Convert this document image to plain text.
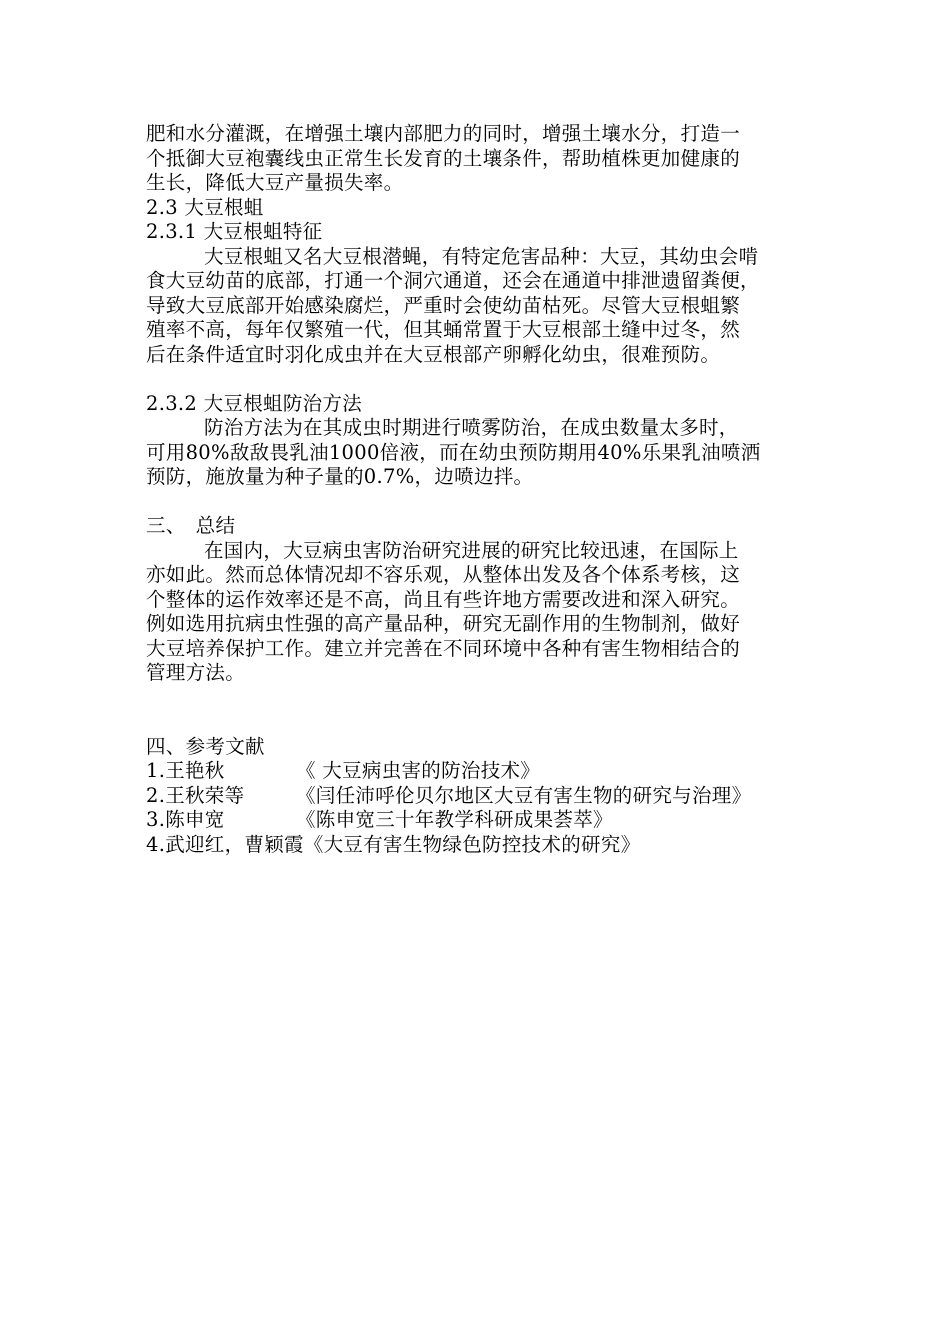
肥和水分灌溉，在增强土壤内部肥力的同时，增强土壤水分，打造一
个抵御大豆袍囊线虫正常生长发育的土壤条件，帮助植株更加健康的
生长，降低大豆产量损失率。
2.3 大豆根蛆
2.3.1 大豆根蛆特征
大豆根蛆又名大豆根潜蝇，有特定危害品种：大豆，其幼虫会啃
食大豆幼苗的底部，打通一个洞穴通道，还会在通道中排泄遗留粪便，
导致大豆底部开始感染腐烂，严重时会使幼苗枯死。尽管大豆根蛆繁
殖率不高，每年仅繁殖一代，但其蛹常置于大豆根部土缝中过冬，然
后在条件适宜时羽化成虫并在大豆根部产卵孵化幼虫，很难预防。
2.3.2 大豆根蛆防治方法
防治方法为在其成虫时期进行喷雾防治，在成虫数量太多时，
可用80%敌敌畏乳油1000倍液，而在幼虫预防期用40%乐果乳油喷洒
预防，施放量为种子量的0.7%，边喷边拌。
三、　总结
在国内，大豆病虫害防治研究进展的研究比较迅速，在国际上
亦如此。然而总体情况却不容乐观，从整体出发及各个体系考核，这
个整体的运作效率还是不高，尚且有些许地方需要改进和深入研究。
例如选用抗病虫性强的高产量品种，研究无副作用的生物制剂，做好
大豆培养保护工作。建立并完善在不同环境中各种有害生物相结合的
管理方法。
四、参考文献
1.王艳秋	《 大豆病虫害的防治技术》
2.王秋荣等	《闫任沛呼伦贝尔地区大豆有害生物的研究与治理》
3.陈申宽	《陈申宽三十年教学科研成果荟萃》
4.武迎红，曹颖霞 《大豆有害生物绿色防控技术的研究》
